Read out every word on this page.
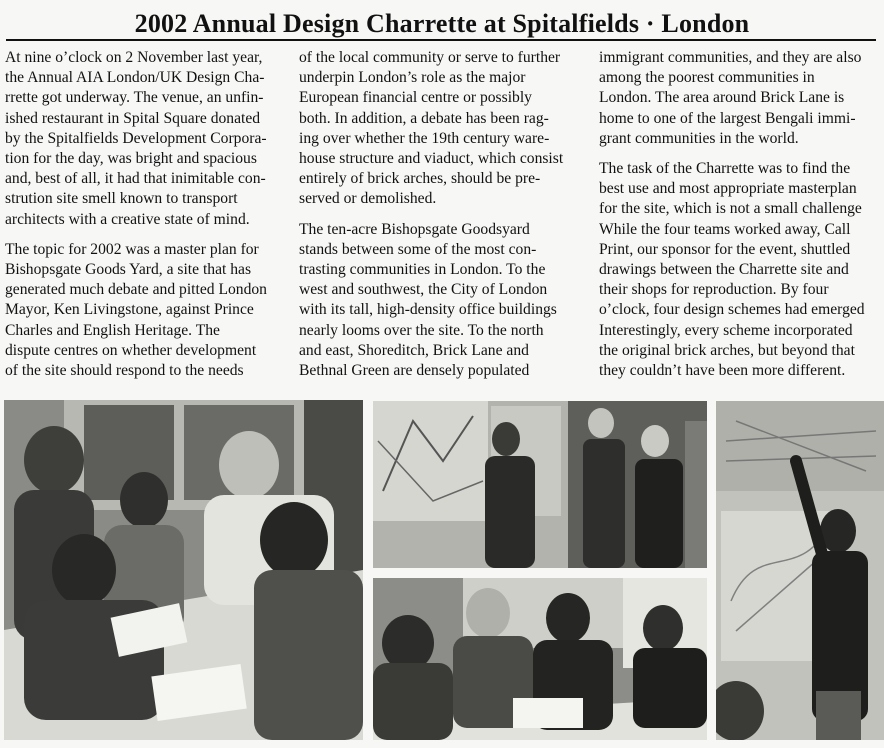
2002 Annual Design Charrette at Spitalfields · London

At nine o’clock on 2 November last year,
the Annual AIA London/UK Design Cha-
rrette got underway. The venue, an unfin-
ished restaurant in Spital Square donated
by the Spitalfields Development Corpora-
tion for the day, was bright and spacious
and, best of all, it had that inimitable con-
strution site smell known to transport
architects with a creative state of mind.

The topic for 2002 was a master plan for
Bishopsgate Goods Yard, a site that has
generated much debate and pitted London
Mayor, Ken Livingstone, against Prince
Charles and English Heritage. The
dispute centres on whether development
of the site should respond to the needs

of the local community or serve to further
underpin London’s role as the major
European financial centre or possibly
both. In addition, a debate has been rag-
ing over whether the 19th century ware-
house structure and viaduct, which consist
entirely of brick arches, should be pre-
served or demolished.

The ten-acre Bishopsgate Goodsyard
stands between some of the most con-
trasting communities in London. To the
west and southwest, the City of London
with its tall, high-density office buildings
nearly looms over the site. To the north
and east, Shoreditch, Brick Lane and
Bethnal Green are densely populated

immigrant communities, and they are also
among the poorest communities in
London. The area around Brick Lane is
home to one of the largest Bengali immi-
grant communities in the world.

The task of the Charrette was to find the
best use and most appropriate masterplan
for the site, which is not a small challenge
While the four teams worked away, Call
Print, our sponsor for the event, shuttled
drawings between the Charrette site and
their shops for reproduction. By four
o’clock, four design schemes had emerged
Interestingly, every scheme incorporated
the original brick arches, but beyond that
they couldn’t have been more different.
